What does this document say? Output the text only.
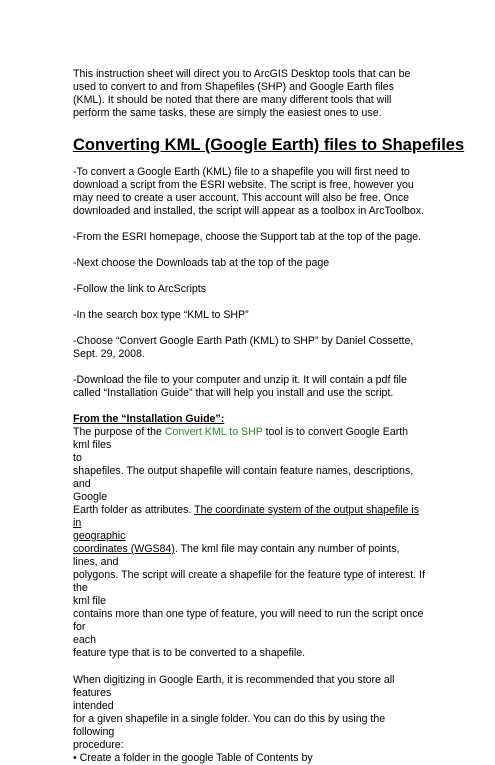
This instruction sheet will direct you to ArcGIS Desktop tools that can be used to convert to and from Shapefiles (SHP) and Google Earth files (KML). It should be noted that there are many different tools that will perform the same tasks, these are simply the easiest ones to use.

Converting KML (Google Earth) files to Shapefiles

-To convert a Google Earth (KML) file to a shapefile you will first need to download a script from the ESRI website. The script is free, however you may need to create a user account. This account will also be free. Once downloaded and installed, the script will appear as a toolbox in ArcToolbox.

-From the ESRI homepage, choose the Support tab at the top of the page.

-Next choose the Downloads tab at the top of the page

-Follow the link to ArcScripts

-In the search box type “KML to SHP”

-Choose “Convert Google Earth Path (KML) to SHP” by Daniel Cossette, Sept. 29, 2008.

-Download the file to your computer and unzip it. It will contain a pdf file called “Installation Guide” that will help you install and use the script.

From the “Installation Guide”:
The purpose of the Convert KML to SHP tool is to convert Google Earth kml files
to
shapefiles. The output shapefile will contain feature names, descriptions, and
Google
Earth folder as attributes. The coordinate system of the output shapefile is in
geographic
coordinates (WGS84). The kml file may contain any number of points, lines, and
polygons. The script will create a shapefile for the feature type of interest. If the
kml file
contains more than one type of feature, you will need to run the script once for
each
feature type that is to be converted to a shapefile.

When digitizing in Google Earth, it is recommended that you store all features
intended
for a given shapefile in a single folder. You can do this by using the following
procedure:
• Create a folder in the google Table of Contents by
